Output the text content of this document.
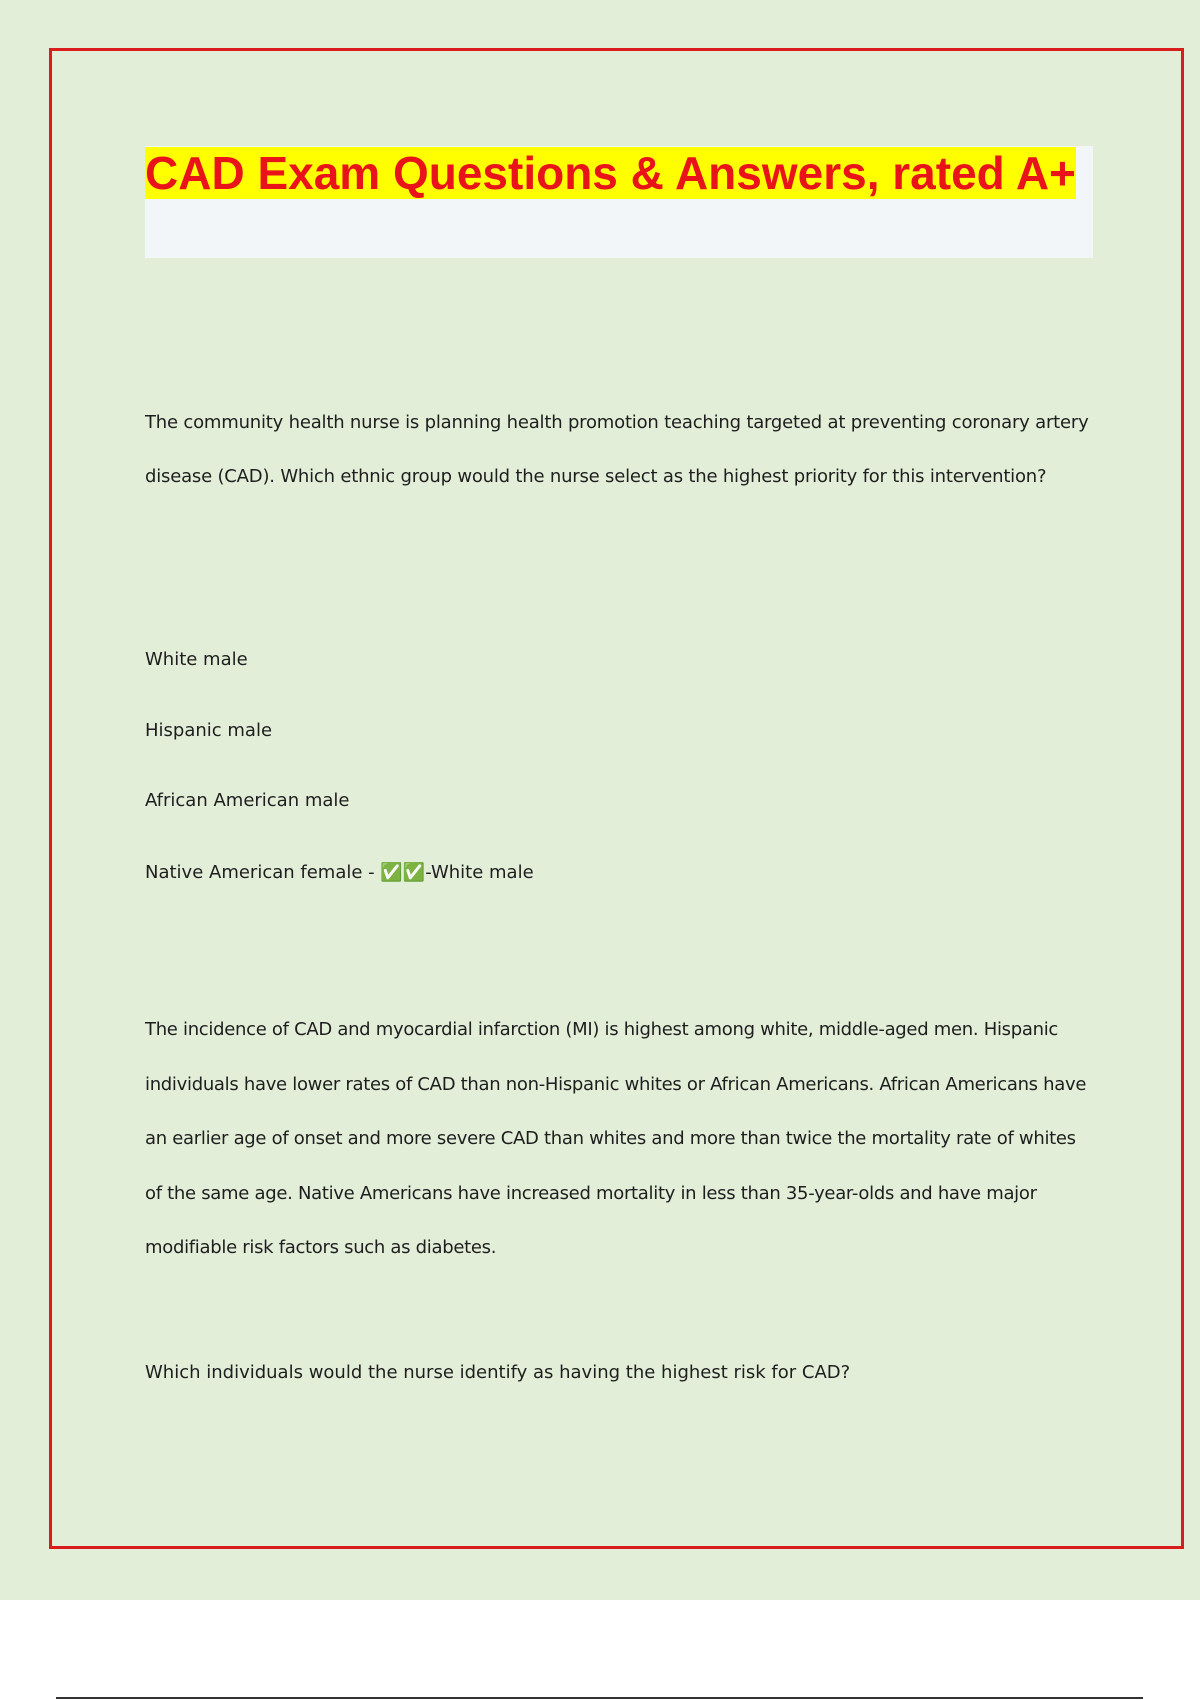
CAD Exam Questions & Answers, rated A+

The community health nurse is planning health promotion teaching targeted at preventing coronary artery disease (CAD). Which ethnic group would the nurse select as the highest priority for this intervention?

White male

Hispanic male

African American male

Native American female - ✅✅-White male

The incidence of CAD and myocardial infarction (MI) is highest among white, middle-aged men. Hispanic individuals have lower rates of CAD than non-Hispanic whites or African Americans. African Americans have an earlier age of onset and more severe CAD than whites and more than twice the mortality rate of whites of the same age. Native Americans have increased mortality in less than 35-year-olds and have major modifiable risk factors such as diabetes.

Which individuals would the nurse identify as having the highest risk for CAD?
